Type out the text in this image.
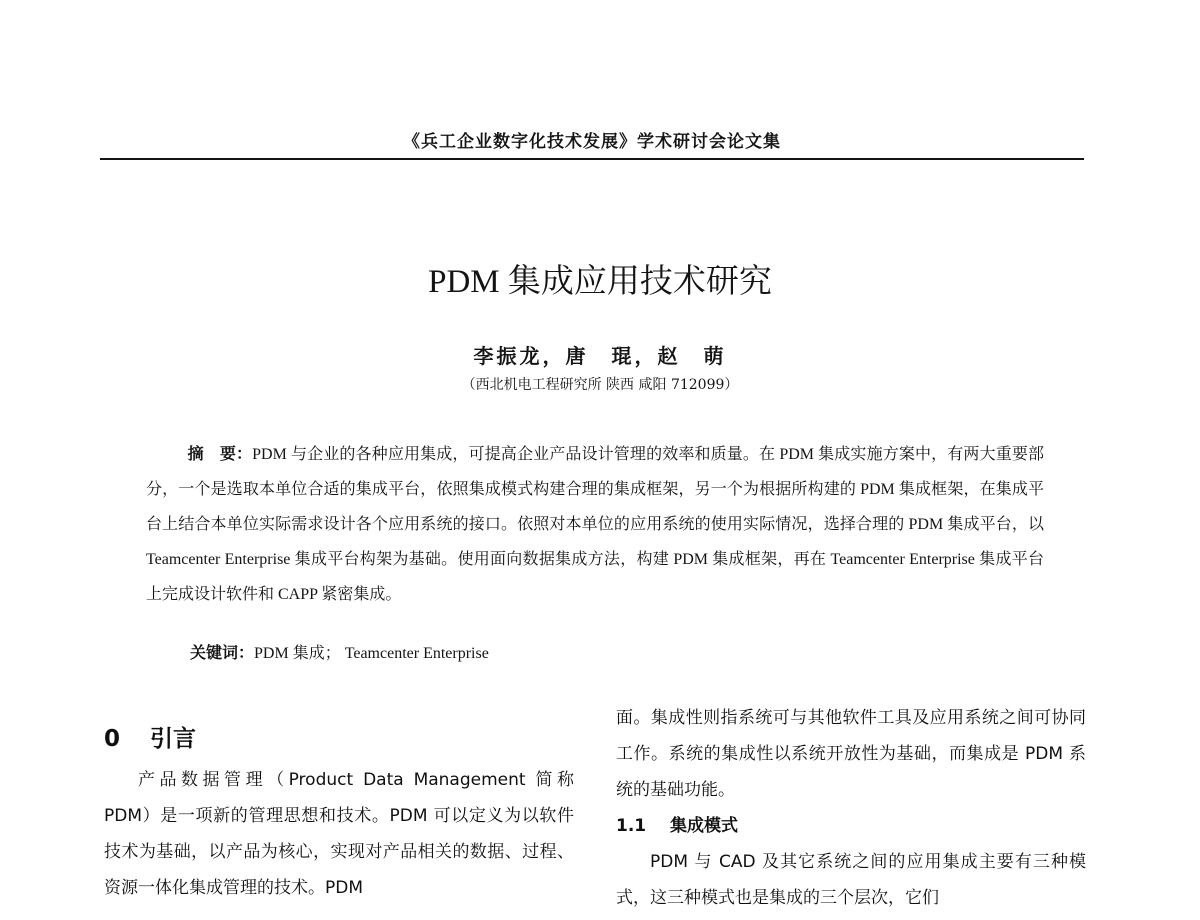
《兵工企业数字化技术发展》学术研讨会论文集
PDM 集成应用技术研究
李振龙，唐　琨，赵　萌
（西北机电工程研究所 陕西 咸阳 712099）

摘　要：PDM 与企业的各种应用集成，可提高企业产品设计管理的效率和质量。在 PDM 集成实施方案中，有两大重要部分，一个是选取本单位合适的集成平台，依照集成模式构建合理的集成框架，另一个为根据所构建的 PDM 集成框架，在集成平台上结合本单位实际需求设计各个应用系统的接口。依照对本单位的应用系统的使用实际情况，选择合理的 PDM 集成平台，以 Teamcenter Enterprise 集成平台构架为基础。使用面向数据集成方法，构建 PDM 集成框架，再在 Teamcenter Enterprise 集成平台上完成设计软件和 CAPP 紧密集成。

关键词：PDM 集成； Teamcenter Enterprise
0 引言

产品数据管理（Product Data Management 简称 PDM）是一项新的管理思想和技术。PDM 可以定义为以软件技术为基础，以产品为核心，实现对产品相关的数据、过程、资源一体化集成管理的技术。PDM

面。集成性则指系统可与其他软件工具及应用系统之间可协同工作。系统的集成性以系统开放性为基础，而集成是 PDM 系统的基础功能。

1.1 集成模式

PDM 与 CAD 及其它系统之间的应用集成主要有三种模式，这三种模式也是集成的三个层次，它们
